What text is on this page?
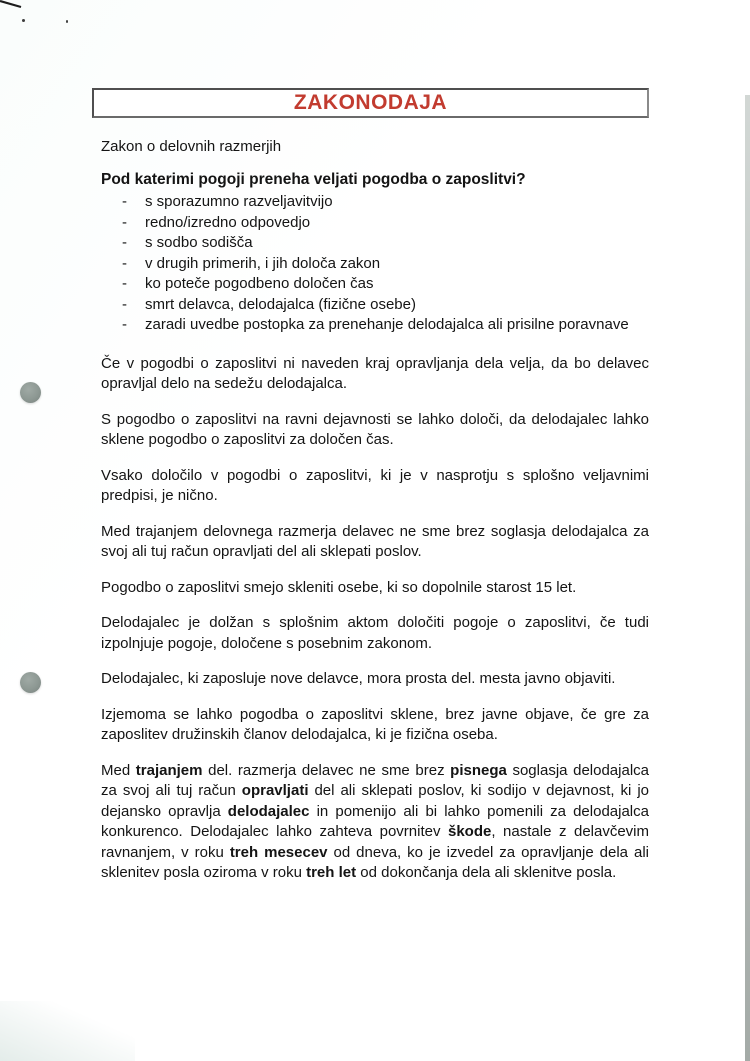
ZAKONODAJA
Zakon o delovnih razmerjih
Pod katerimi pogoji preneha veljati pogodba o zaposlitvi?
-	s sporazumno razveljavitvijo
-	redno/izredno odpovedjo
-	s sodbo sodišča
-	v drugih primerih, i jih določa zakon
-	ko poteče pogodbeno določen čas
-	smrt delavca, delodajalca (fizične osebe)
-	zaradi uvedbe postopka za prenehanje delodajalca ali prisilne poravnave

Če v pogodbi o zaposlitvi ni naveden kraj opravljanja dela velja, da bo delavec opravljal delo na sedežu delodajalca.

S pogodbo o zaposlitvi na ravni dejavnosti se lahko določi, da delodajalec lahko sklene pogodbo o zaposlitvi za določen čas.

Vsako določilo v pogodbi o zaposlitvi, ki je v nasprotju s splošno veljavnimi predpisi, je nično.

Med trajanjem delovnega razmerja delavec ne sme brez soglasja delodajalca za svoj ali tuj račun opravljati del ali sklepati poslov.

Pogodbo o zaposlitvi smejo skleniti osebe, ki so dopolnile starost 15 let.

Delodajalec je dolžan s splošnim aktom določiti pogoje o zaposlitvi, če tudi izpolnjuje pogoje, določene s posebnim zakonom.

Delodajalec, ki zaposluje nove delavce, mora prosta del. mesta javno objaviti.

Izjemoma se lahko pogodba o zaposlitvi sklene, brez javne objave, če gre za zaposlitev družinskih članov delodajalca, ki je fizična oseba.

Med trajanjem del. razmerja delavec ne sme brez pisnega soglasja delodajalca za svoj ali tuj račun opravljati del ali sklepati poslov, ki sodijo v dejavnost, ki jo dejansko opravlja delodajalec in pomenijo ali bi lahko pomenili za delodajalca konkurenco. Delodajalec lahko zahteva povrnitev škode, nastale z delavčevim ravnanjem, v roku treh mesecev od dneva, ko je izvedel za opravljanje dela ali sklenitev posla oziroma v roku treh let od dokončanja dela ali sklenitve posla.
